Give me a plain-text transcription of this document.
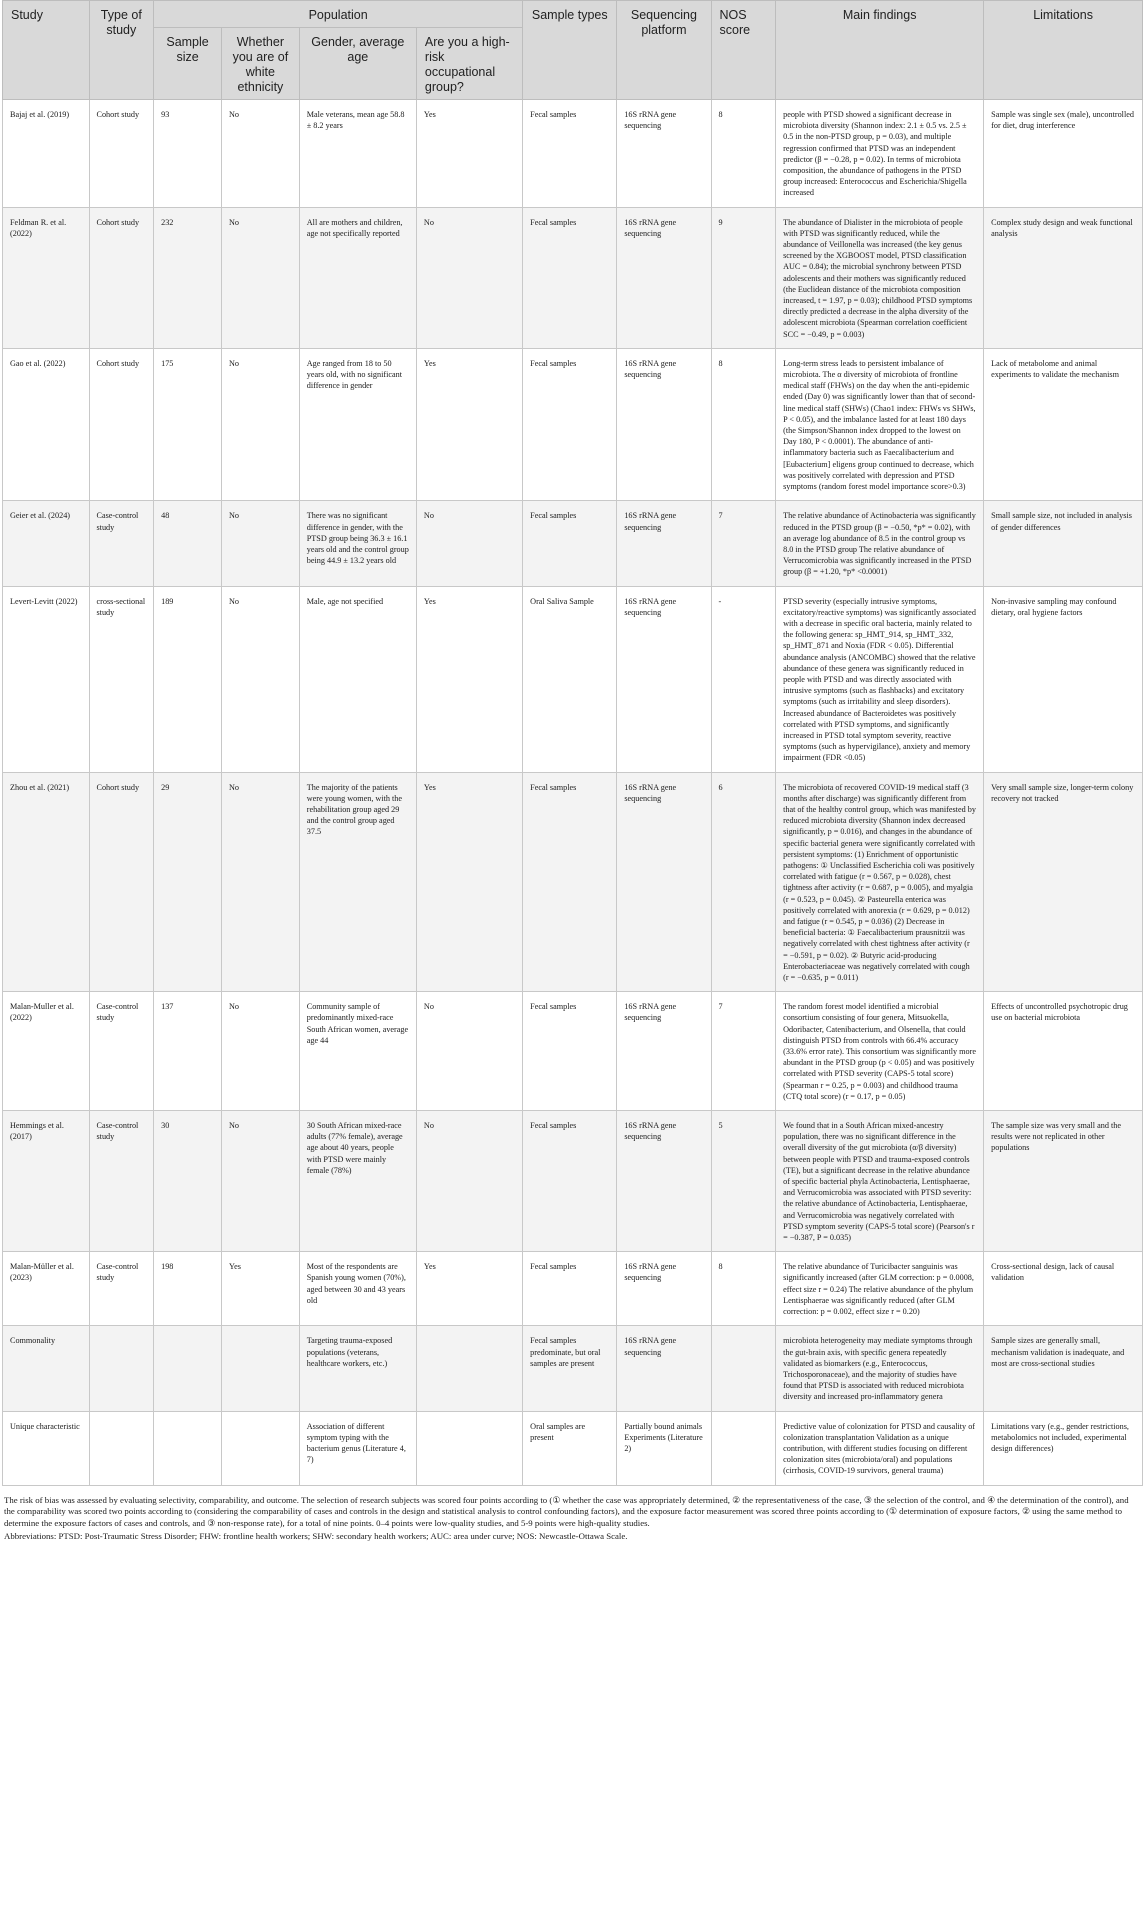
Study	Type of study	Population				Sample types	Sequencing platform	NOS score	Main findings	Limitations
		Sample size	Whether you are of white ethnicity	Gender, average age	Are you a high-risk occupational group?					
Bajaj et al. (2019)	Cohort study	93	No	Male veterans, mean age 58.8 ± 8.2 years	Yes	Fecal samples	16S rRNA gene sequencing	8	people with PTSD showed a significant decrease in microbiota diversity (Shannon index: 2.1 ± 0.5 vs. 2.5 ± 0.5 in the non-PTSD group, p = 0.03), and multiple regression confirmed that PTSD was an independent predictor (β = −0.28, p = 0.02). In terms of microbiota composition, the abundance of pathogens in the PTSD group increased: Enterococcus and Escherichia/Shigella increased	Sample was single sex (male), uncontrolled for diet, drug interference
Feldman R. et al. (2022)	Cohort study	232	No	All are mothers and children, age not specifically reported	No	Fecal samples	16S rRNA gene sequencing	9	The abundance of Dialister in the microbiota of people with PTSD was significantly reduced, while the abundance of Veillonella was increased (the key genus screened by the XGBOOST model, PTSD classification AUC = 0.84); the microbial synchrony between PTSD adolescents and their mothers was significantly reduced (the Euclidean distance of the microbiota composition increased, t = 1.97, p = 0.03); childhood PTSD symptoms directly predicted a decrease in the alpha diversity of the adolescent microbiota (Spearman correlation coefficient SCC = −0.49, p = 0.003)	Complex study design and weak functional analysis
Gao et al. (2022)	Cohort study	175	No	Age ranged from 18 to 50 years old, with no significant difference in gender	Yes	Fecal samples	16S rRNA gene sequencing	8	Long-term stress leads to persistent imbalance of microbiota. The α diversity of microbiota of frontline medical staff (FHWs) on the day when the anti-epidemic ended (Day 0) was significantly lower than that of second-line medical staff (SHWs) (Chao1 index: FHWs vs SHWs, P < 0.05), and the imbalance lasted for at least 180 days (the Simpson/Shannon index dropped to the lowest on Day 180, P < 0.0001). The abundance of anti-inflammatory bacteria such as Faecalibacterium and [Eubacterium] eligens group continued to decrease, which was positively correlated with depression and PTSD symptoms (random forest model importance score>0.3)	Lack of metabolome and animal experiments to validate the mechanism
Geier et al. (2024)	Case-control study	48	No	There was no significant difference in gender, with the PTSD group being 36.3 ± 16.1 years old and the control group being 44.9 ± 13.2 years old	No	Fecal samples	16S rRNA gene sequencing	7	The relative abundance of Actinobacteria was significantly reduced in the PTSD group (β = −0.50, *p* = 0.02), with an average log abundance of 8.5 in the control group vs 8.0 in the PTSD group The relative abundance of Verrucomicrobia was significantly increased in the PTSD group (β = +1.20, *p* <0.0001)	Small sample size, not included in analysis of gender differences
Levert-Levitt (2022)	cross-sectional study	189	No	Male, age not specified	Yes	Oral Saliva Sample	16S rRNA gene sequencing	-	PTSD severity (especially intrusive symptoms, excitatory/reactive symptoms) was significantly associated with a decrease in specific oral bacteria, mainly related to the following genera: sp_HMT_914, sp_HMT_332, sp_HMT_871 and Noxia (FDR < 0.05). Differential abundance analysis (ANCOMBC) showed that the relative abundance of these genera was significantly reduced in people with PTSD and was directly associated with intrusive symptoms (such as flashbacks) and excitatory symptoms (such as irritability and sleep disorders). Increased abundance of Bacteroidetes was positively correlated with PTSD symptoms, and significantly increased in PTSD total symptom severity, reactive symptoms (such as hypervigilance), anxiety and memory impairment (FDR <0.05)	Non-invasive sampling may confound dietary, oral hygiene factors
Zhou et al. (2021)	Cohort study	29	No	The majority of the patients were young women, with the rehabilitation group aged 29 and the control group aged 37.5	Yes	Fecal samples	16S rRNA gene sequencing	6	The microbiota of recovered COVID-19 medical staff (3 months after discharge) was significantly different from that of the healthy control group, which was manifested by reduced microbiota diversity (Shannon index decreased significantly, p = 0.016), and changes in the abundance of specific bacterial genera were significantly correlated with persistent symptoms: (1) Enrichment of opportunistic pathogens: ① Unclassified Escherichia coli was positively correlated with fatigue (r = 0.567, p = 0.028), chest tightness after activity (r = 0.687, p = 0.005), and myalgia (r = 0.523, p = 0.045). ② Pasteurella enterica was positively correlated with anorexia (r = 0.629, p = 0.012) and fatigue (r = 0.545, p = 0.036) (2) Decrease in beneficial bacteria: ① Faecalibacterium prausnitzii was negatively correlated with chest tightness after activity (r = −0.591, p = 0.02). ② Butyric acid-producing Enterobacteriaceae was negatively correlated with cough (r = −0.635, p = 0.011)	Very small sample size, longer-term colony recovery not tracked
Malan-Muller et al. (2022)	Case-control study	137	No	Community sample of predominantly mixed-race South African women, average age 44	No	Fecal samples	16S rRNA gene sequencing	7	The random forest model identified a microbial consortium consisting of four genera, Mitsuokella, Odoribacter, Catenibacterium, and Olsenella, that could distinguish PTSD from controls with 66.4% accuracy (33.6% error rate). This consortium was significantly more abundant in the PTSD group (p < 0.05) and was positively correlated with PTSD severity (CAPS-5 total score) (Spearman r = 0.25, p = 0.003) and childhood trauma (CTQ total score) (r = 0.17, p = 0.05)	Effects of uncontrolled psychotropic drug use on bacterial microbiota
Hemmings et al. (2017)	Case-control study	30	No	30 South African mixed-race adults (77% female), average age about 40 years, people with PTSD were mainly female (78%)	No	Fecal samples	16S rRNA gene sequencing	5	We found that in a South African mixed-ancestry population, there was no significant difference in the overall diversity of the gut microbiota (α/β diversity) between people with PTSD and trauma-exposed controls (TE), but a significant decrease in the relative abundance of specific bacterial phyla Actinobacteria, Lentisphaerae, and Verrucomicrobia was associated with PTSD severity: the relative abundance of Actinobacteria, Lentisphaerae, and Verrucomicrobia was negatively correlated with PTSD symptom severity (CAPS-5 total score) (Pearson's r = −0.387, P = 0.035)	The sample size was very small and the results were not replicated in other populations
Malan-Müller et al. (2023)	Case-control study	198	Yes	Most of the respondents are Spanish young women (70%), aged between 30 and 43 years old	Yes	Fecal samples	16S rRNA gene sequencing	8	The relative abundance of Turicibacter sanguinis was significantly increased (after GLM correction: p = 0.0008, effect size r = 0.24) The relative abundance of the phylum Lentisphaerae was significantly reduced (after GLM correction: p = 0.002, effect size r = 0.20)	Cross-sectional design, lack of causal validation
Commonality				Targeting trauma-exposed populations (veterans, healthcare workers, etc.)		Fecal samples predominate, but oral samples are present	16S rRNA gene sequencing		microbiota heterogeneity may mediate symptoms through the gut-brain axis, with specific genera repeatedly validated as biomarkers (e.g., Enterococcus, Trichosporonaceae), and the majority of studies have found that PTSD is associated with reduced microbiota diversity and increased pro-inflammatory genera	Sample sizes are generally small, mechanism validation is inadequate, and most are cross-sectional studies
Unique characteristic				Association of different symptom typing with the bacterium genus (Literature 4, 7)		Oral samples are present	Partially bound animals Experiments (Literature 2)		Predictive value of colonization for PTSD and causality of colonization transplantation Validation as a unique contribution, with different studies focusing on different colonization sites (microbiota/oral) and populations (cirrhosis, COVID-19 survivors, general trauma)	Limitations vary (e.g., gender restrictions, metabolomics not included, experimental design differences)

The risk of bias was assessed by evaluating selectivity, comparability, and outcome. The selection of research subjects was scored four points according to (① whether the case was appropriately determined, ② the representativeness of the case, ③ the selection of the control, and ④ the determination of the control), and the comparability was scored two points according to (considering the comparability of cases and controls in the design and statistical analysis to control confounding factors), and the exposure factor measurement was scored three points according to (① determination of exposure factors, ② using the same method to determine the exposure factors of cases and controls, and ③ non-response rate), for a total of nine points. 0–4 points were low-quality studies, and 5-9 points were high-quality studies.

Abbreviations: PTSD: Post-Traumatic Stress Disorder; FHW: frontline health workers; SHW: secondary health workers; AUC: area under curve; NOS: Newcastle-Ottawa Scale.
